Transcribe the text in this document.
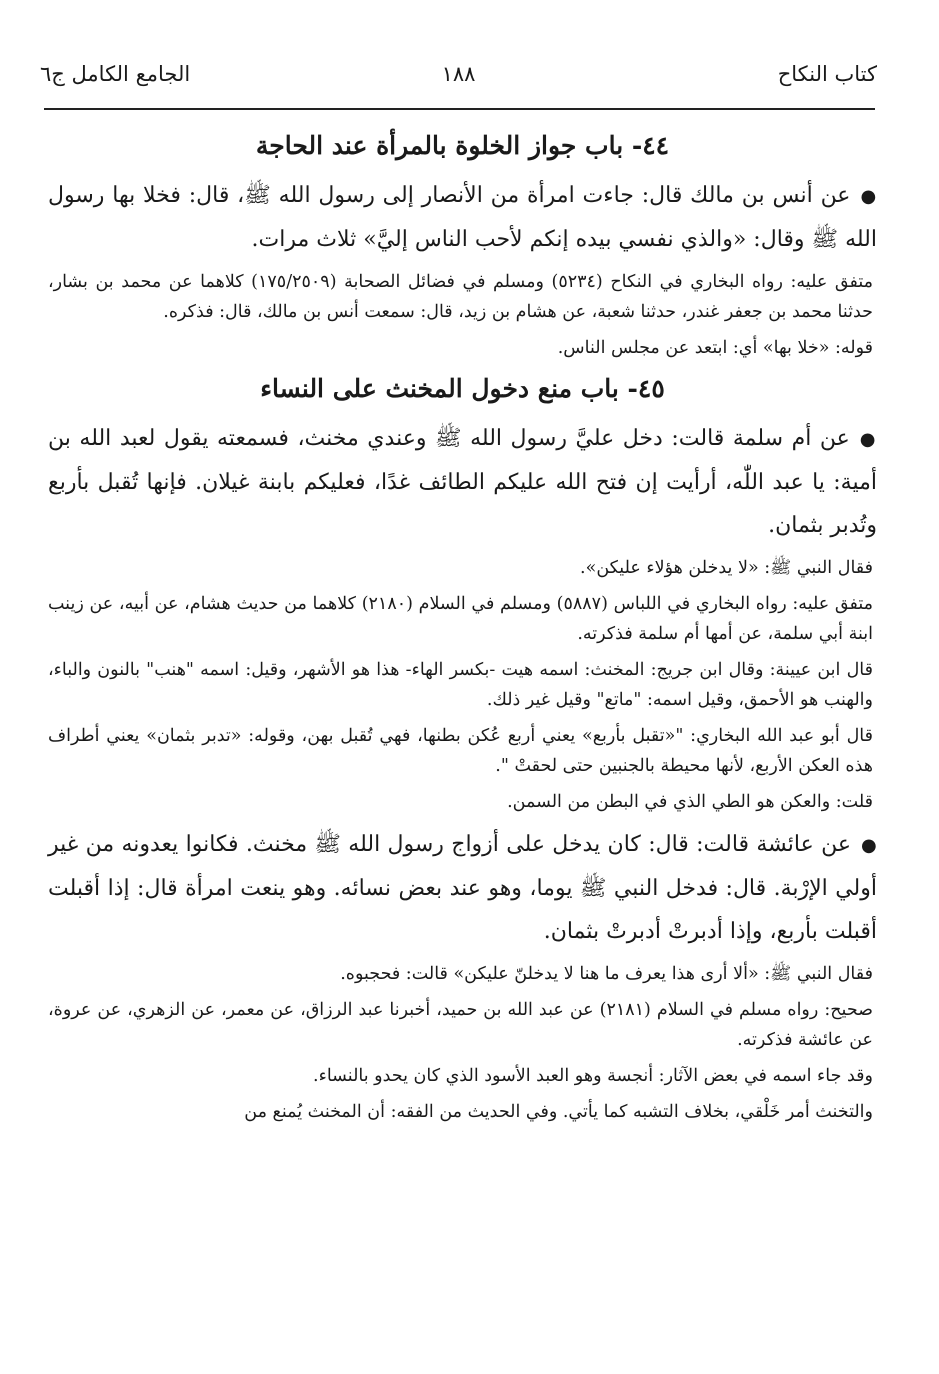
كتاب النكاح
١٨٨
الجامع الكامل ج٦
٤٤- باب جواز الخلوة بالمرأة عند الحاجة

●عن أنس بن مالك قال: جاءت امرأة من الأنصار إلى رسول الله ﷺ، قال: فخلا بها رسول الله ﷺ وقال: «والذي نفسي بيده إنكم لأحب الناس إليَّ» ثلاث مرات.

متفق عليه: رواه البخاري في النكاح (٥٢٣٤) ومسلم في فضائل الصحابة (١٧٥/٢٥٠٩) كلاهما عن محمد بن بشار، حدثنا محمد بن جعفر غندر، حدثنا شعبة، عن هشام بن زيد، قال: سمعت أنس بن مالك، قال: فذكره.

قوله: «خلا بها» أي: ابتعد عن مجلس الناس.

٤٥- باب منع دخول المخنث على النساء

●عن أم سلمة قالت: دخل عليَّ رسول الله ﷺ وعندي مخنث، فسمعته يقول لعبد الله بن أمية: يا عبد اللّٰه، أرأيت إن فتح الله عليكم الطائف غدًا، فعليكم بابنة غيلان. فإنها تُقبل بأربع وتُدبر بثمان.

فقال النبي ﷺ: «لا يدخلن هؤلاء عليكن».

متفق عليه: رواه البخاري في اللباس (٥٨٨٧) ومسلم في السلام (٢١٨٠) كلاهما من حديث هشام، عن أبيه، عن زينب ابنة أبي سلمة، عن أمها أم سلمة فذكرته.

قال ابن عيينة: وقال ابن جريج: المخنث: اسمه هيت -بكسر الهاء- هذا هو الأشهر، وقيل: اسمه "هنب" بالنون والباء، والهنب هو الأحمق، وقيل اسمه: "ماتع" وقيل غير ذلك.

قال أبو عبد الله البخاري: "«تقبل بأربع» يعني أربع عُكن بطنها، فهي تُقبل بهن، وقوله: «تدبر بثمان» يعني أطراف هذه العكن الأربع، لأنها محيطة بالجنبين حتى لحقتْ ".

قلت: والعكن هو الطي الذي في البطن من السمن.

●عن عائشة قالت: قال: كان يدخل على أزواج رسول الله ﷺ مخنث. فكانوا يعدونه من غير أولي الإرْبة. قال: فدخل النبي ﷺ يوما، وهو عند بعض نسائه. وهو ينعت امرأة قال: إذا أقبلت أقبلت بأربع، وإذا أدبرتْ أدبرتْ بثمان.

فقال النبي ﷺ: «ألا أرى هذا يعرف ما هنا لا يدخلنّ عليكن» قالت: فحجبوه.

صحيح: رواه مسلم في السلام (٢١٨١) عن عبد الله بن حميد، أخبرنا عبد الرزاق، عن معمر، عن الزهري، عن عروة، عن عائشة فذكرته.

وقد جاء اسمه في بعض الآثار: أنجسة وهو العبد الأسود الذي كان يحدو بالنساء.

والتخنث أمر خَلْقي، بخلاف التشبه كما يأتي. وفي الحديث من الفقه: أن المخنث يُمنع من
